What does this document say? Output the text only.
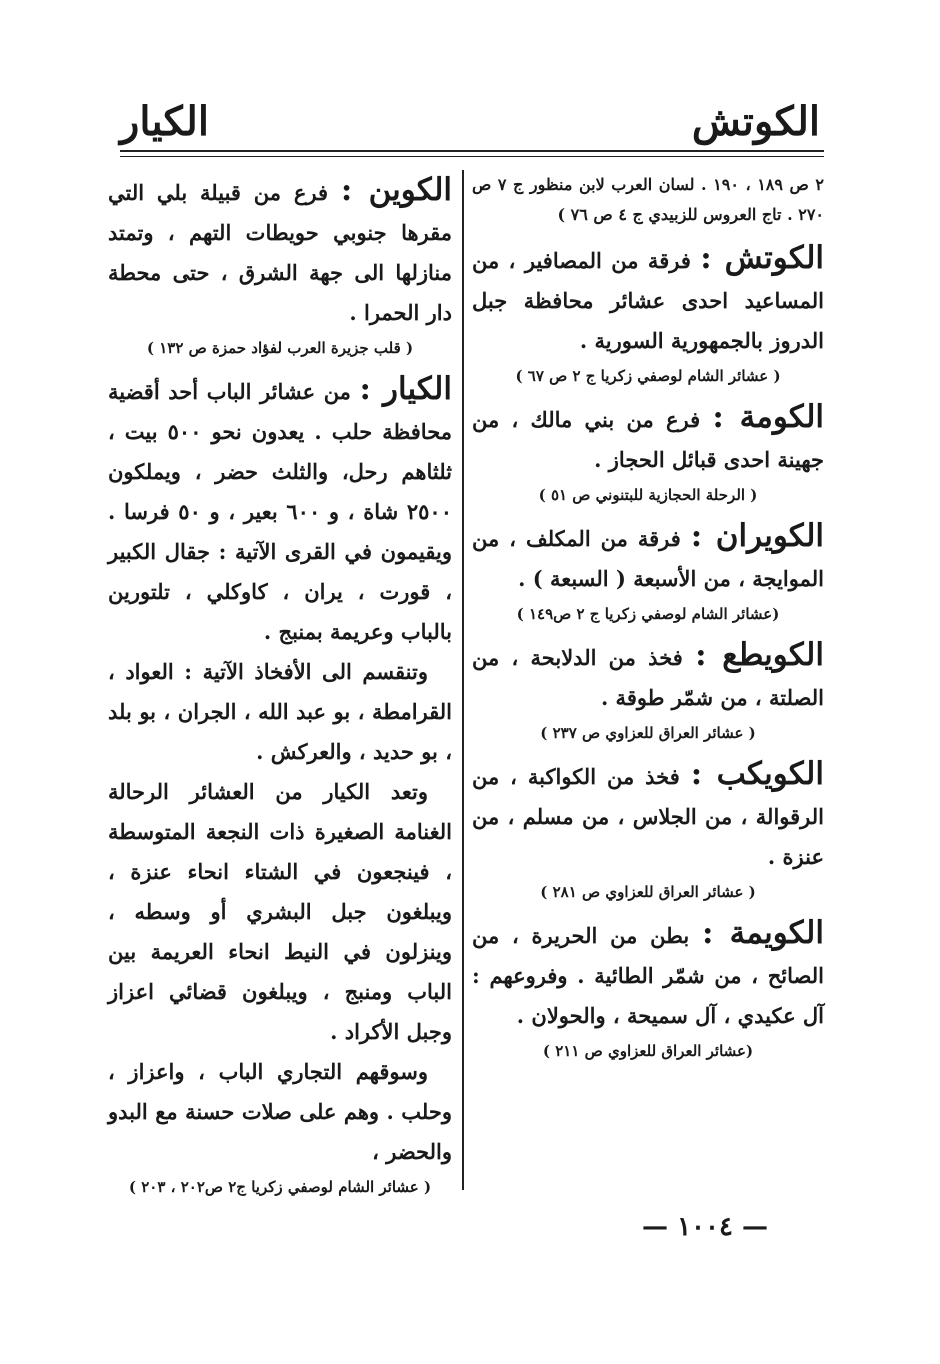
الكوتش
الكيار

٢ ص ١٨٩ ، ١٩٠ . لسان العرب لابن منظور ج ٧ ص ٢٧٠ . تاج العروس للزبيدي ج ٤ ص ٧٦ )

الكوتش : فرقة من المصافير ، من المساعيد احدى عشائر محافظة جبل الدروز بالجمهورية السورية .

( عشائر الشام لوصفي زكريا ج ٢ ص ٦٧ )

الكومة : فرع من بني مالك ، من جهينة احدى قبائل الحجاز .

( الرحلة الحجازية للبتنوني ص ٥١ )

الكويران : فرقة من المكلف ، من الموايجة ، من الأسبعة ( السبعة ) .

(عشائر الشام لوصفي زكريا ج ٢ ص١٤٩ )

الكويطع : فخذ من الدلابحة ، من الصلتة ، من شمّر طوقة .

( عشائر العراق للعزاوي ص ٢٣٧ )

الكويكب : فخذ من الكواكبة ، من الرقوالة ، من الجلاس ، من مسلم ، من عنزة .

( عشائر العراق للعزاوي ص ٢٨١ )

الكويمة : بطن من الحريرة ، من الصائح ، من شمّر الطائية . وفروعهم : آل عكيدي ، آل سميحة ، والحولان .

(عشائر العراق للعزاوي ص ٢١١ )

الكوين : فرع من قبيلة بلي التي مقرها جنوبي حويطات التهم ، وتمتد منازلها الى جهة الشرق ، حتى محطة دار الحمرا .

( قلب جزيرة العرب لفؤاد حمزة ص ١٣٢ )

الكيار : من عشائر الباب أحد أقضية محافظة حلب . يعدون نحو ٥٠٠ بيت ، ثلثاهم رحل، والثلث حضر ، ويملكون ٢٥٠٠ شاة ، و ٦٠٠ بعير ، و ٥٠ فرسا . ويقيمون في القرى الآتية : جقال الكبير ، قورت ، يران ، كاوكلي ، تلتورين بالباب وعريمة بمنبج .

وتنقسم الى الأفخاذ الآتية : العواد ، القرامطة ، بو عبد الله ، الجران ، بو بلد ، بو حديد ، والعركش .

وتعد الكيار من العشائر الرحالة الغنامة الصغيرة ذات النجعة المتوسطة ، فينجعون في الشتاء انحاء عنزة ، ويبلغون جبل البشري أو وسطه ، وينزلون في النيط انحاء العريمة بين الباب ومنبج ، ويبلغون قضائي اعزاز وجبل الأكراد .

وسوقهم التجاري الباب ، واعزاز ، وحلب . وهم على صلات حسنة مع البدو والحضر ،

( عشائر الشام لوصفي زكريا ج٢ ص٢٠٢ ، ٢٠٣ )

— ١٠٠٤ —
